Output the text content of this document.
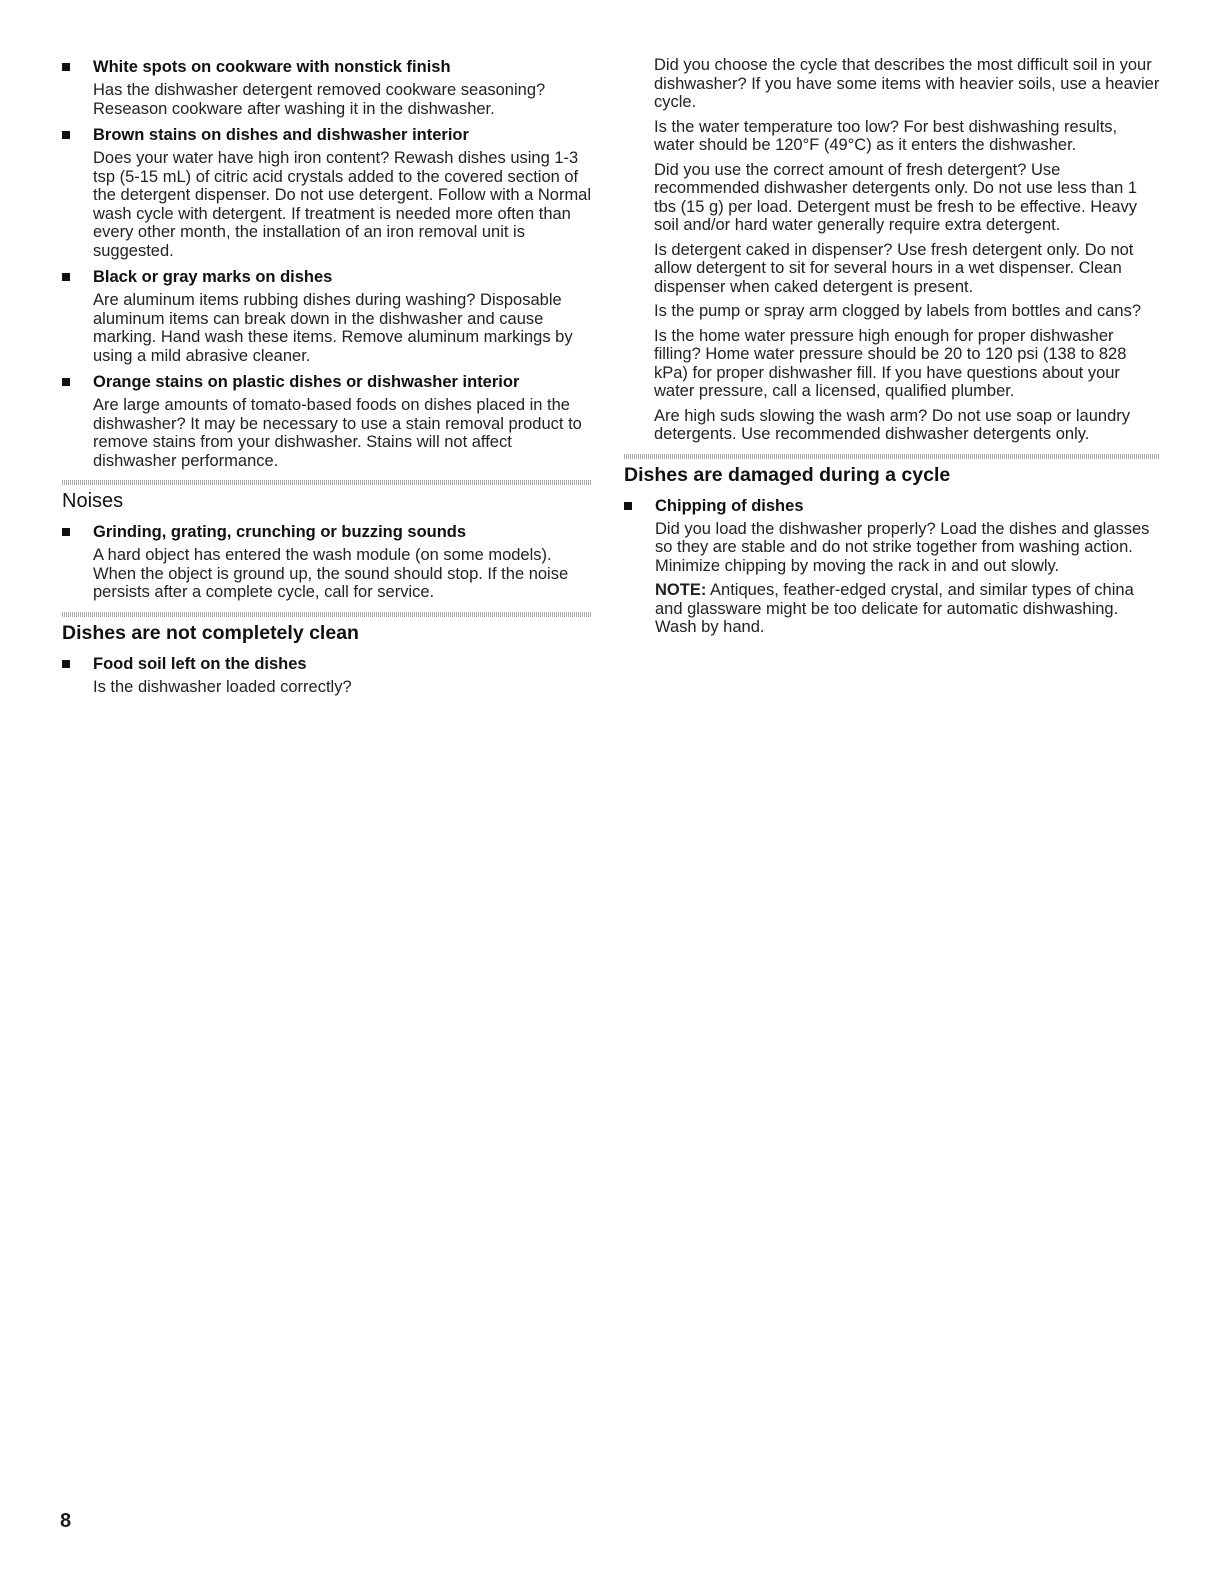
White spots on cookware with nonstick finish

Has the dishwasher detergent removed cookware seasoning? Reseason cookware after washing it in the dishwasher.

Brown stains on dishes and dishwasher interior

Does your water have high iron content? Rewash dishes using 1-3 tsp (5-15 mL) of citric acid crystals added to the covered section of the detergent dispenser. Do not use detergent. Follow with a Normal wash cycle with detergent. If treatment is needed more often than every other month, the installation of an iron removal unit is suggested.

Black or gray marks on dishes

Are aluminum items rubbing dishes during washing? Disposable aluminum items can break down in the dishwasher and cause marking. Hand wash these items. Remove aluminum markings by using a mild abrasive cleaner.

Orange stains on plastic dishes or dishwasher interior

Are large amounts of tomato-based foods on dishes placed in the dishwasher? It may be necessary to use a stain removal product to remove stains from your dishwasher. Stains will not affect dishwasher performance.

Noises
Grinding, grating, crunching or buzzing sounds

A hard object has entered the wash module (on some models). When the object is ground up, the sound should stop. If the noise persists after a complete cycle, call for service.

Dishes are not completely clean
Food soil left on the dishes

Is the dishwasher loaded correctly?

Did you choose the cycle that describes the most difficult soil in your dishwasher? If you have some items with heavier soils, use a heavier cycle.

Is the water temperature too low? For best dishwashing results, water should be 120°F (49°C) as it enters the dishwasher.

Did you use the correct amount of fresh detergent? Use recommended dishwasher detergents only. Do not use less than 1 tbs (15 g) per load. Detergent must be fresh to be effective. Heavy soil and/or hard water generally require extra detergent.

Is detergent caked in dispenser? Use fresh detergent only. Do not allow detergent to sit for several hours in a wet dispenser. Clean dispenser when caked detergent is present.

Is the pump or spray arm clogged by labels from bottles and cans?

Is the home water pressure high enough for proper dishwasher filling? Home water pressure should be 20 to 120 psi (138 to 828 kPa) for proper dishwasher fill. If you have questions about your water pressure, call a licensed, qualified plumber.

Are high suds slowing the wash arm? Do not use soap or laundry detergents. Use recommended dishwasher detergents only.

Dishes are damaged during a cycle
Chipping of dishes

Did you load the dishwasher properly? Load the dishes and glasses so they are stable and do not strike together from washing action. Minimize chipping by moving the rack in and out slowly.

NOTE: Antiques, feather-edged crystal, and similar types of china and glassware might be too delicate for automatic dishwashing. Wash by hand.

8
